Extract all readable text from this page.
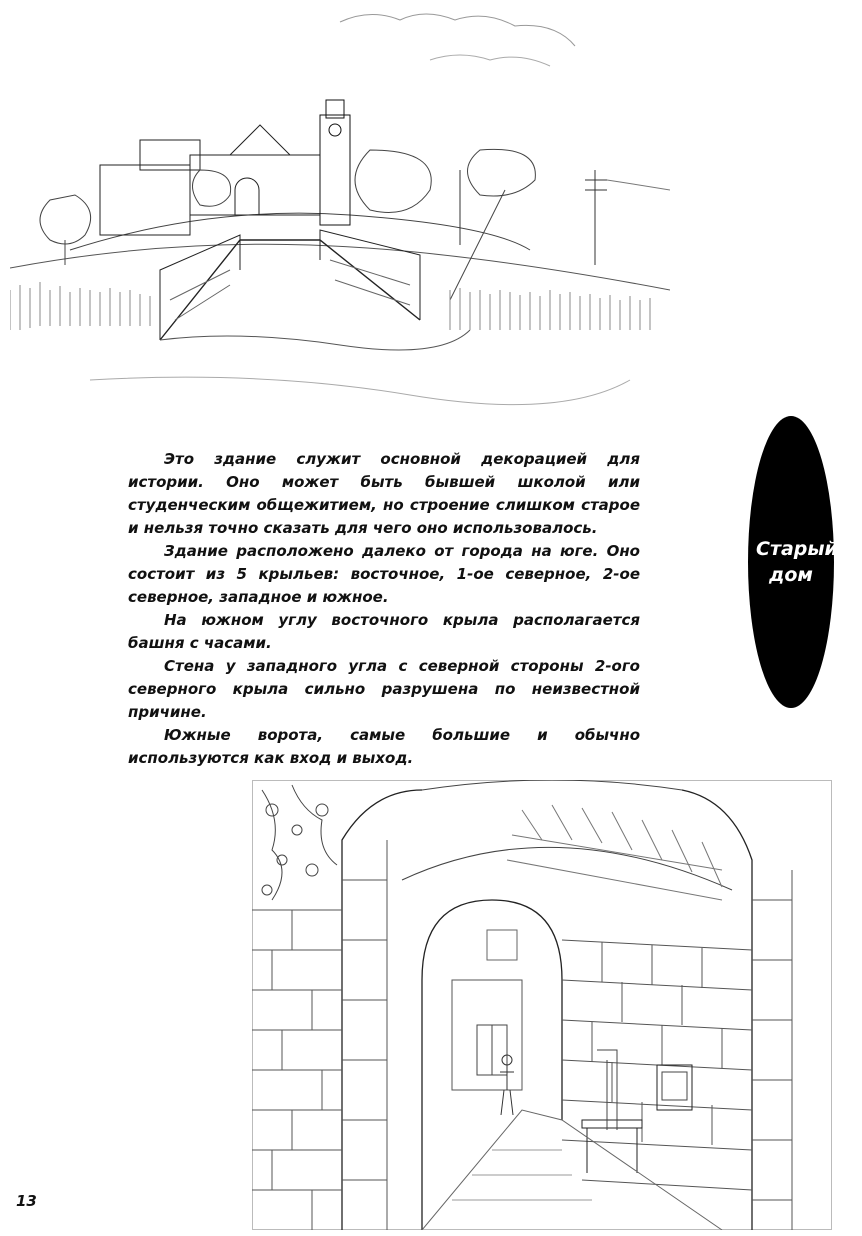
Это здание служит основной декорацией для истории. Оно может быть бывшей школой или студенческим общежитием, но строение слишком старое и нельзя точно сказать для чего оно использовалось.

Здание расположено далеко от города на юге. Оно состоит из 5 крыльев: восточное, 1-ое северное, 2-ое северное, западное и южное.

На южном углу восточного крыла располагается башня с часами.

Стена у западного угла с северной стороны 2-ого северного крыла сильно разрушена по неизвестной причине.

Южные ворота, самые большие и обычно используются как вход и выход.

Старый
дом
13
